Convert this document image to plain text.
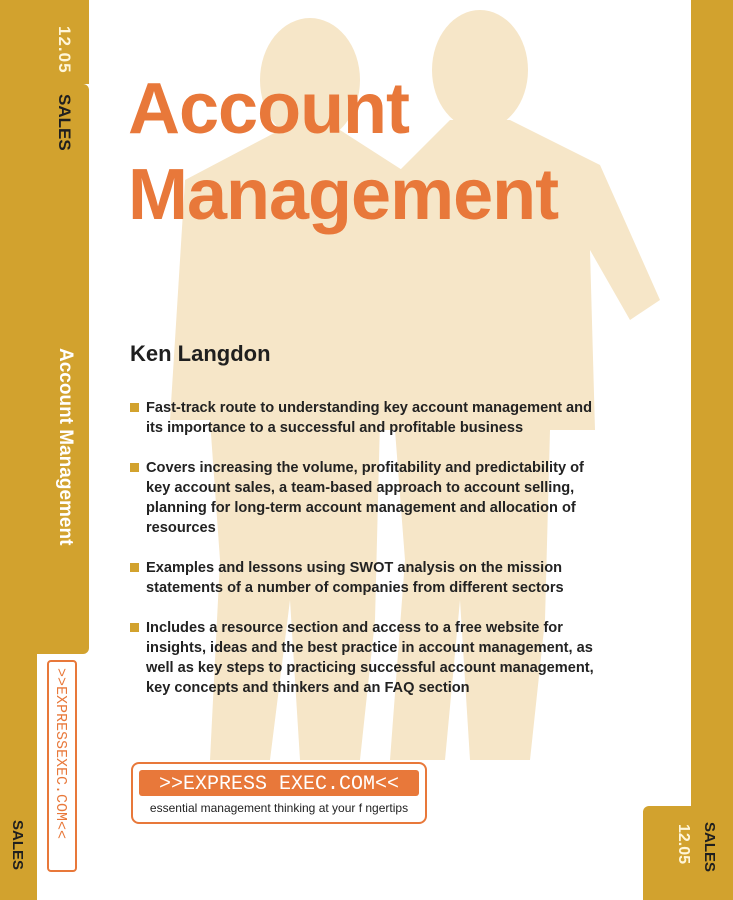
12.05
SALES
Account Management
SALES
>>EXPRESSEXEC.COM<<
SALES
12.05
Account
Management

Ken Langdon

Fast-track route to understanding key account management and its importance to a successful and profitable business
Covers increasing the volume, profitability and predictability of key account sales, a team-based approach to account selling, planning for long-term account management and allocation of resources
Examples and lessons using SWOT analysis on the mission statements of a number of companies from different sectors
Includes a resource section and access to a free website for insights, ideas and the best practice in account management, as well as key steps to practicing successful account management, key concepts and thinkers and an FAQ section
>>EXPRESS EXEC.COM<<
essential management thinking at your f ngertips
